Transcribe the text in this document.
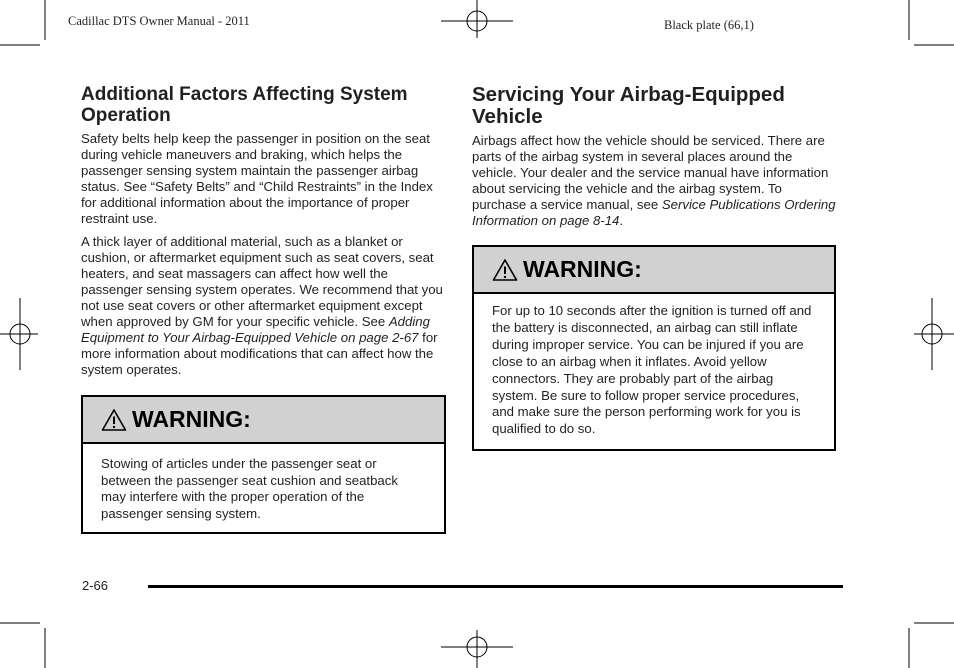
Cadillac DTS Owner Manual - 2011	Black plate (66,1)
Additional Factors Affecting System Operation

Safety belts help keep the passenger in position on the seat during vehicle maneuvers and braking, which helps the passenger sensing system maintain the passenger airbag status. See “Safety Belts” and “Child Restraints” in the Index for additional information about the importance of proper restraint use.

A thick layer of additional material, such as a blanket or cushion, or aftermarket equipment such as seat covers, seat heaters, and seat massagers can affect how well the passenger sensing system operates. We recommend that you not use seat covers or other aftermarket equipment except when approved by GM for your specific vehicle. See Adding Equipment to Your Airbag-Equipped Vehicle on page 2-67 for more information about modifications that can affect how the system operates.

WARNING:

Stowing of articles under the passenger seat or between the passenger seat cushion and seatback may interfere with the proper operation of the passenger sensing system.

Servicing Your Airbag-Equipped Vehicle

Airbags affect how the vehicle should be serviced. There are parts of the airbag system in several places around the vehicle. Your dealer and the service manual have information about servicing the vehicle and the airbag system. To purchase a service manual, see Service Publications Ordering Information on page 8-14.

WARNING:

For up to 10 seconds after the ignition is turned off and the battery is disconnected, an airbag can still inflate during improper service. You can be injured if you are close to an airbag when it inflates. Avoid yellow connectors. They are probably part of the airbag system. Be sure to follow proper service procedures, and make sure the person performing work for you is qualified to do so.

2-66
